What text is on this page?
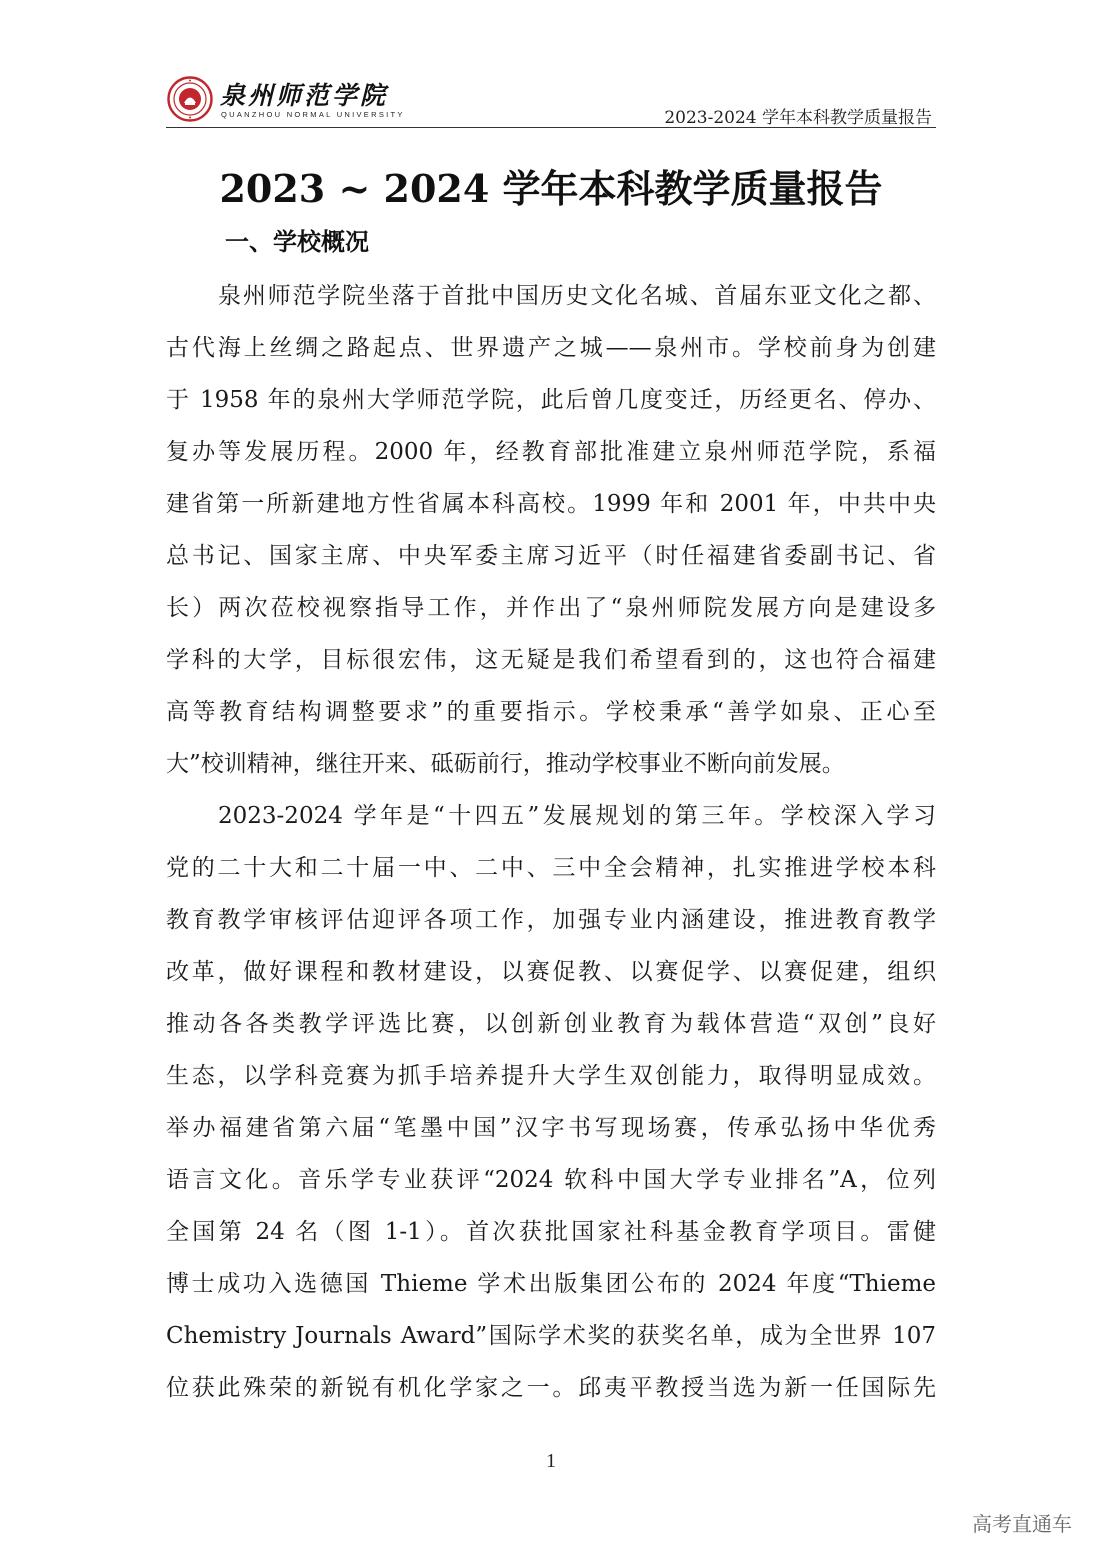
泉州师范学院
QUANZHOU NORMAL UNIVERSITY	2023-2024 学年本科教学质量报告
2023 ~ 2024 学年本科教学质量报告
一、学校概况

泉州师范学院坐落于首批中国历史文化名城、首届东亚文化之都、

古代海上丝绸之路起点、世界遗产之城——泉州市。学校前身为创建

于 1958 年的泉州大学师范学院，此后曾几度变迁，历经更名、停办、

复办等发展历程。2000 年，经教育部批准建立泉州师范学院，系福

建省第一所新建地方性省属本科高校。1999 年和 2001 年，中共中央

总书记、国家主席、中央军委主席习近平（时任福建省委副书记、省

长）两次莅校视察指导工作，并作出了“泉州师院发展方向是建设多

学科的大学，目标很宏伟，这无疑是我们希望看到的，这也符合福建

高等教育结构调整要求”的重要指示。学校秉承“善学如泉、正心至

大”校训精神，继往开来、砥砺前行，推动学校事业不断向前发展。

2023-2024 学年是“十四五”发展规划的第三年。学校深入学习

党的二十大和二十届一中、二中、三中全会精神，扎实推进学校本科

教育教学审核评估迎评各项工作，加强专业内涵建设，推进教育教学

改革，做好课程和教材建设，以赛促教、以赛促学、以赛促建，组织

推动各各类教学评选比赛，以创新创业教育为载体营造“双创”良好

生态，以学科竞赛为抓手培养提升大学生双创能力，取得明显成效。

举办福建省第六届“笔墨中国”汉字书写现场赛，传承弘扬中华优秀

语言文化。音乐学专业获评“2024 软科中国大学专业排名”A，位列

全国第 24 名（图 1-1）。首次获批国家社科基金教育学项目。雷健

博士成功入选德国 Thieme 学术出版集团公布的 2024 年度“Thieme

Chemistry Journals Award”国际学术奖的获奖名单，成为全世界 107

位获此殊荣的新锐有机化学家之一。邱夷平教授当选为新一任国际先

1
高考直通车
